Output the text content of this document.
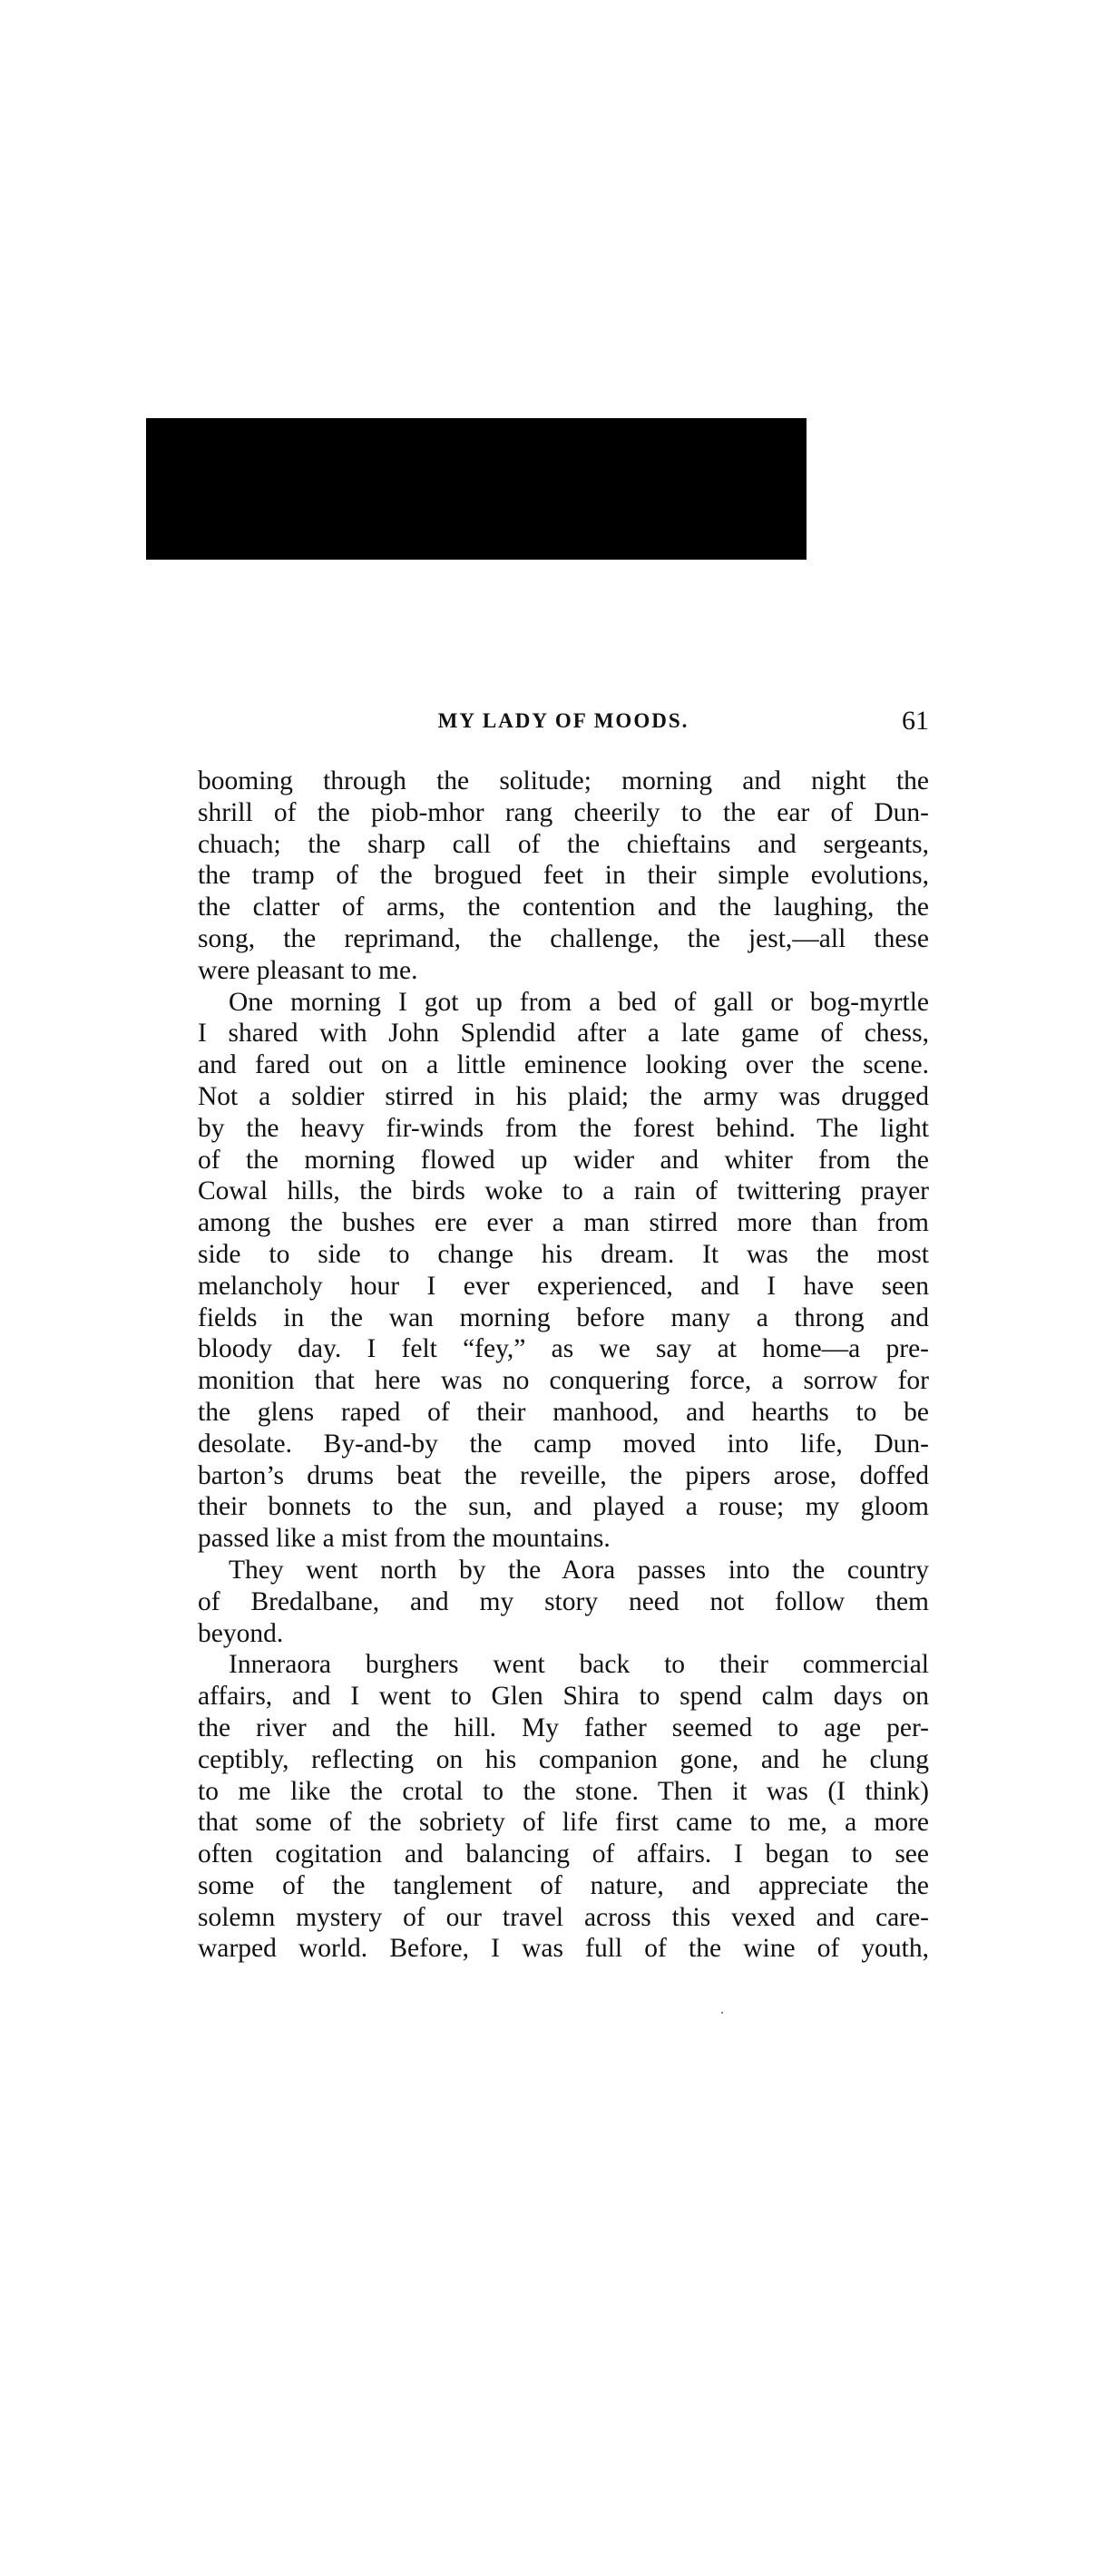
MY LADY OF MOODS.	61
booming through the solitude; morning and night the
shrill of the piob-mhor rang cheerily to the ear of Dun-
chuach; the sharp call of the chieftains and sergeants,
the tramp of the brogued feet in their simple evolutions,
the clatter of arms, the contention and the laughing, the
song, the reprimand, the challenge, the jest,—all these
were pleasant to me.
One morning I got up from a bed of gall or bog-myrtle
I shared with John Splendid after a late game of chess,
and fared out on a little eminence looking over the scene.
Not a soldier stirred in his plaid; the army was drugged
by the heavy fir-winds from the forest behind. The light
of the morning flowed up wider and whiter from the
Cowal hills, the birds woke to a rain of twittering prayer
among the bushes ere ever a man stirred more than from
side to side to change his dream. It was the most
melancholy hour I ever experienced, and I have seen
fields in the wan morning before many a throng and
bloody day. I felt “fey,” as we say at home—a pre-
monition that here was no conquering force, a sorrow for
the glens raped of their manhood, and hearths to be
desolate. By-and-by the camp moved into life, Dun-
barton’s drums beat the reveille, the pipers arose, doffed
their bonnets to the sun, and played a rouse; my gloom
passed like a mist from the mountains.
They went north by the Aora passes into the country
of Bredalbane, and my story need not follow them
beyond.
Inneraora burghers went back to their commercial
affairs, and I went to Glen Shira to spend calm days on
the river and the hill. My father seemed to age per-
ceptibly, reflecting on his companion gone, and he clung
to me like the crotal to the stone. Then it was (I think)
that some of the sobriety of life first came to me, a more
often cogitation and balancing of affairs. I began to see
some of the tanglement of nature, and appreciate the
solemn mystery of our travel across this vexed and care-
warped world. Before, I was full of the wine of youth,
